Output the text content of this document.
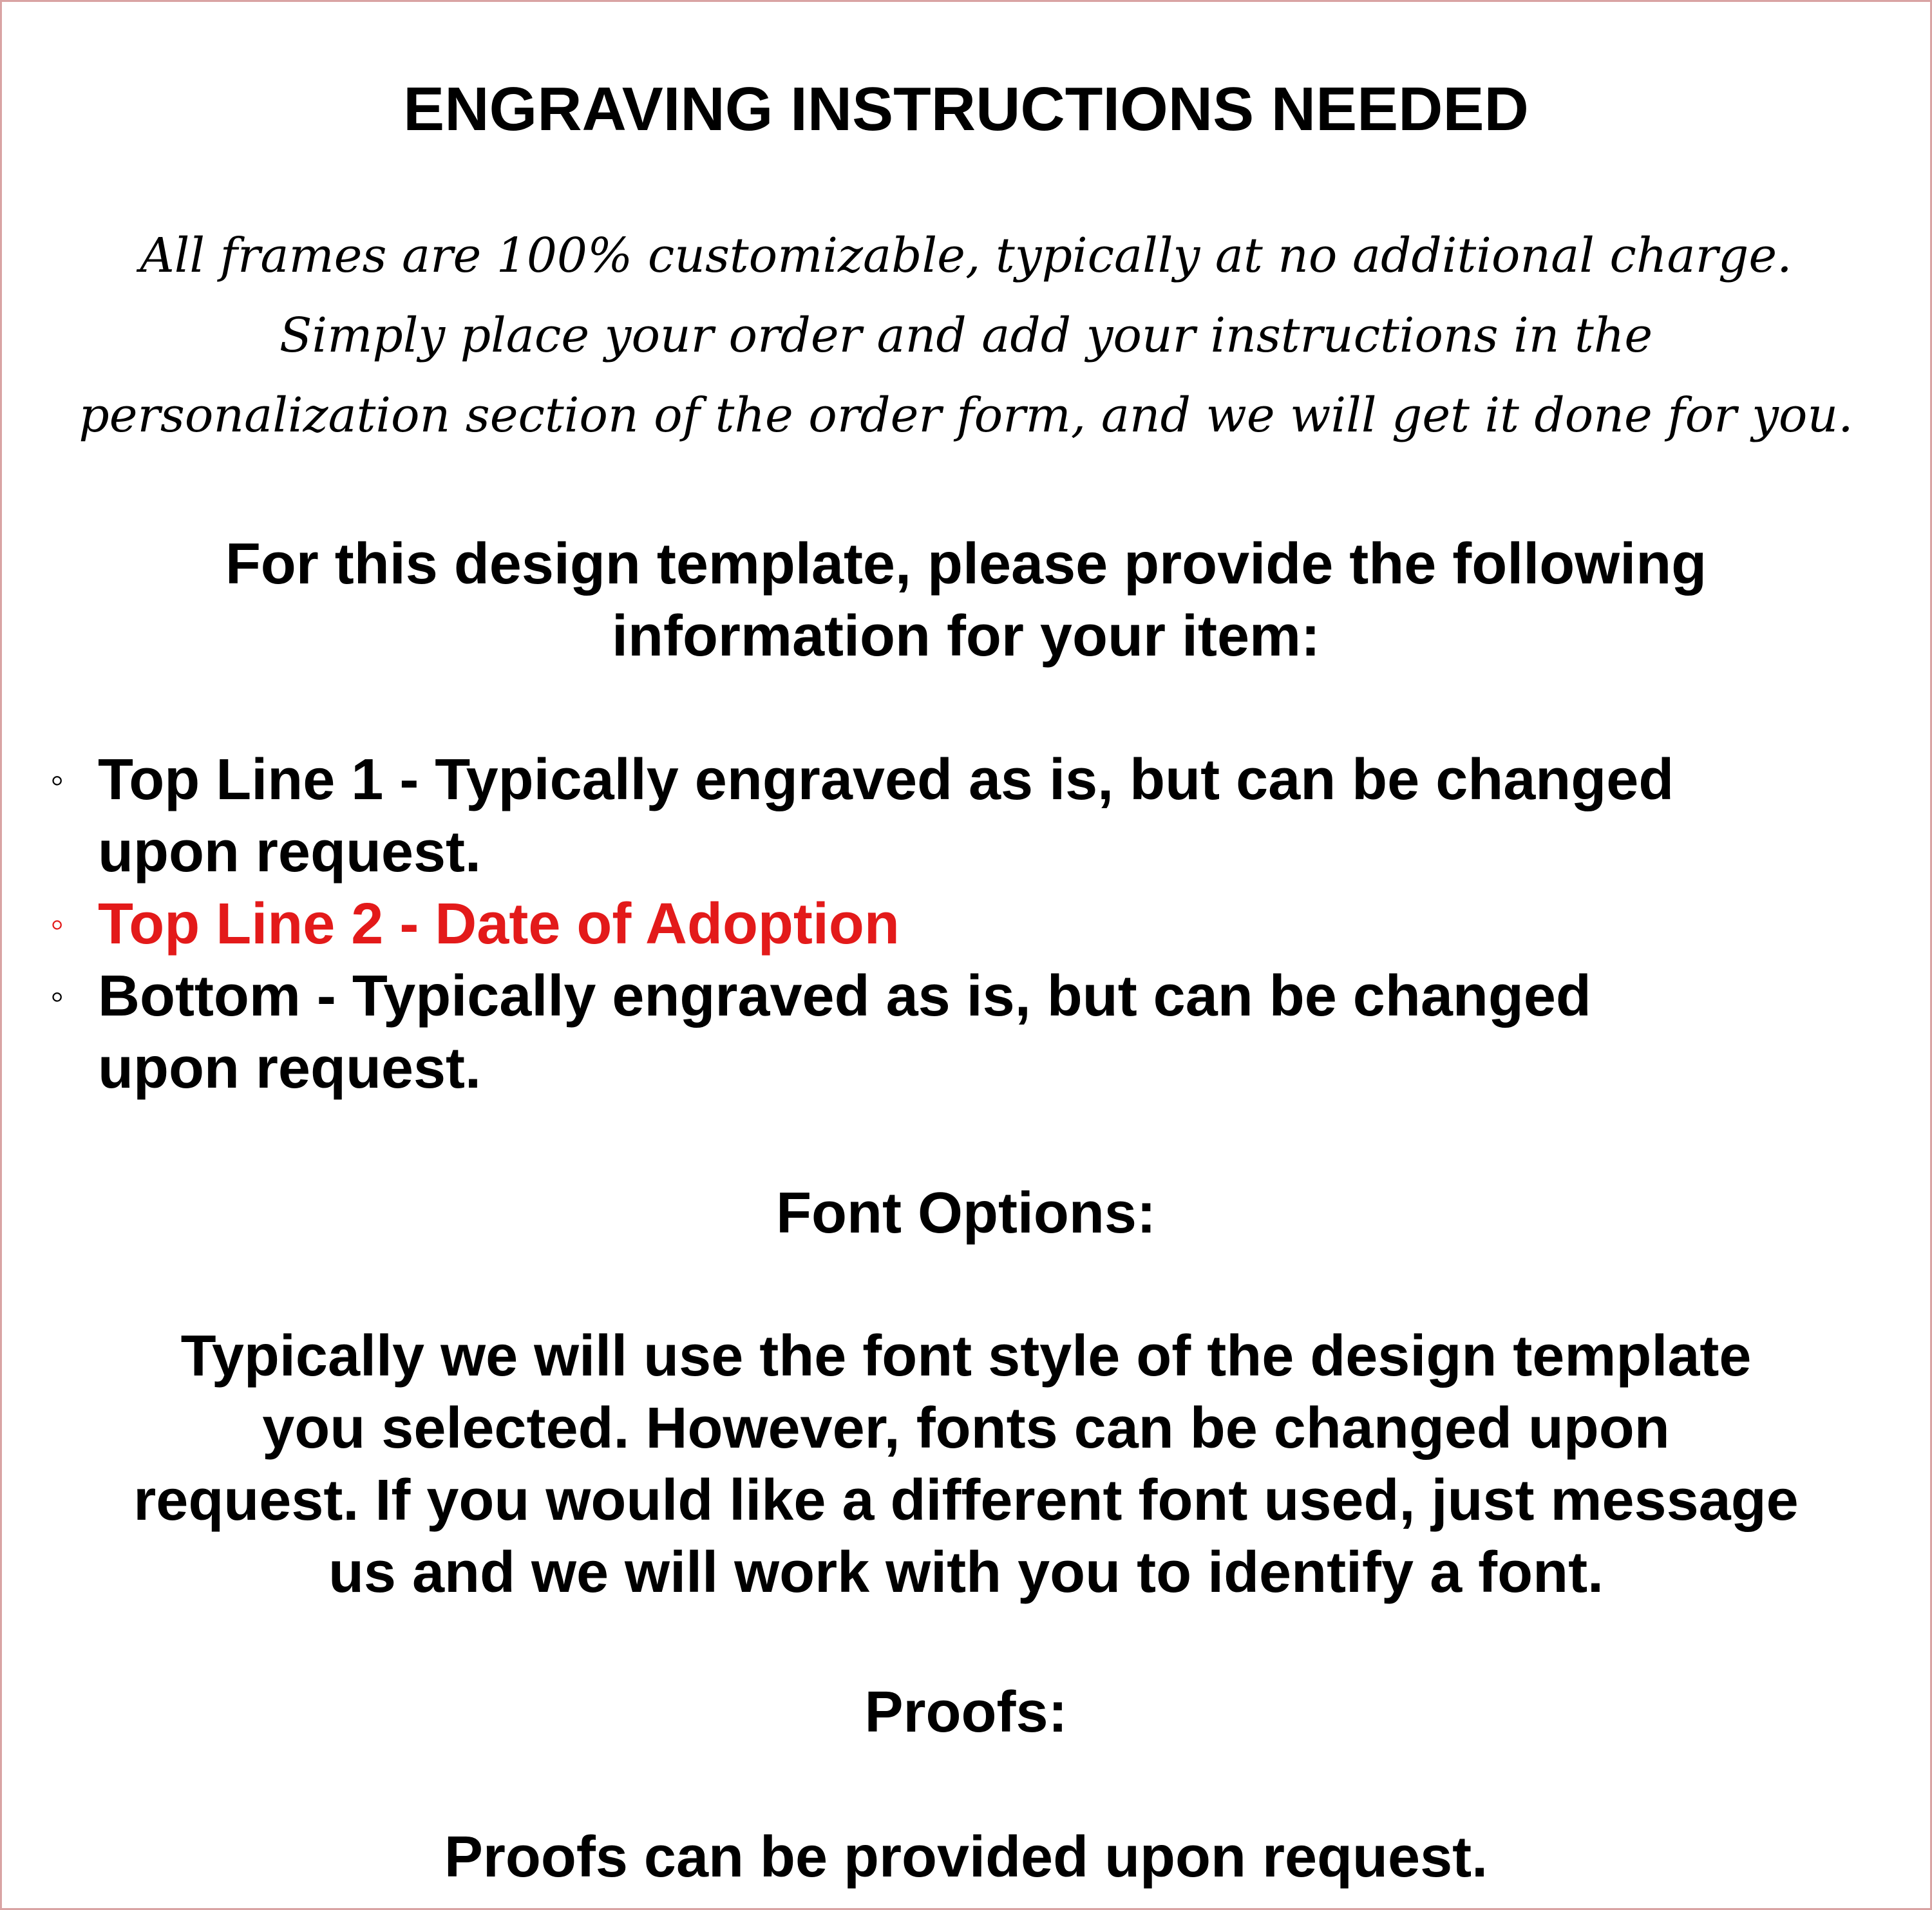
ENGRAVING INSTRUCTIONS NEEDED
All frames are 100% customizable, typically at no additional charge.
Simply place your order and add your instructions in the
personalization section of the order form, and we will get it done for you.
For this design template, please provide the following
information for your item:
◦ Top Line 1 - Typically engraved as is, but can be changed
upon request.
◦ Top Line 2 - Date of Adoption
◦ Bottom - Typically engraved as is, but can be changed
upon request.
Font Options:
Typically we will use the font style of the design template
you selected. However, fonts can be changed upon
request. If you would like a different font used, just message
us and we will work with you to identify a font.
Proofs:
Proofs can be provided upon request.
